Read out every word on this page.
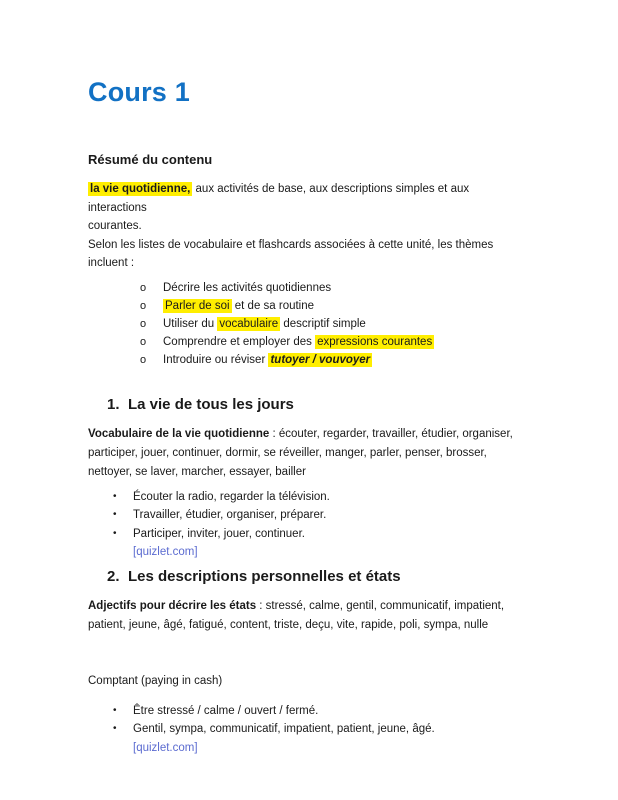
Cours 1
Résumé du contenu
la vie quotidienne, aux activités de base, aux descriptions simples et aux interactions
courantes.
Selon les listes de vocabulaire et flashcards associées à cette unité, les thèmes
incluent :
o	Décrire les activités quotidiennes
o	Parler de soi et de sa routine
o	Utiliser du vocabulaire descriptif simple
o	Comprendre et employer des expressions courantes
o	Introduire ou réviser tutoyer / vouvoyer
1. La vie de tous les jours
Vocabulaire de la vie quotidienne : écouter, regarder, travailler, étudier, organiser,
participer, jouer, continuer, dormir, se réveiller, manger, parler, penser, brosser,
nettoyer, se laver, marcher, essayer, bailler
•	Écouter la radio, regarder la télévision.
•	Travailler, étudier, organiser, préparer.
•	Participer, inviter, jouer, continuer.
[quizlet.com]
2. Les descriptions personnelles et états
Adjectifs pour décrire les états : stressé, calme, gentil, communicatif, impatient,
patient, jeune, âgé, fatigué, content, triste, deçu, vite, rapide, poli, sympa, nulle
Comptant (paying in cash)
•	Être stressé / calme / ouvert / fermé.
•	Gentil, sympa, communicatif, impatient, patient, jeune, âgé.
[quizlet.com]
